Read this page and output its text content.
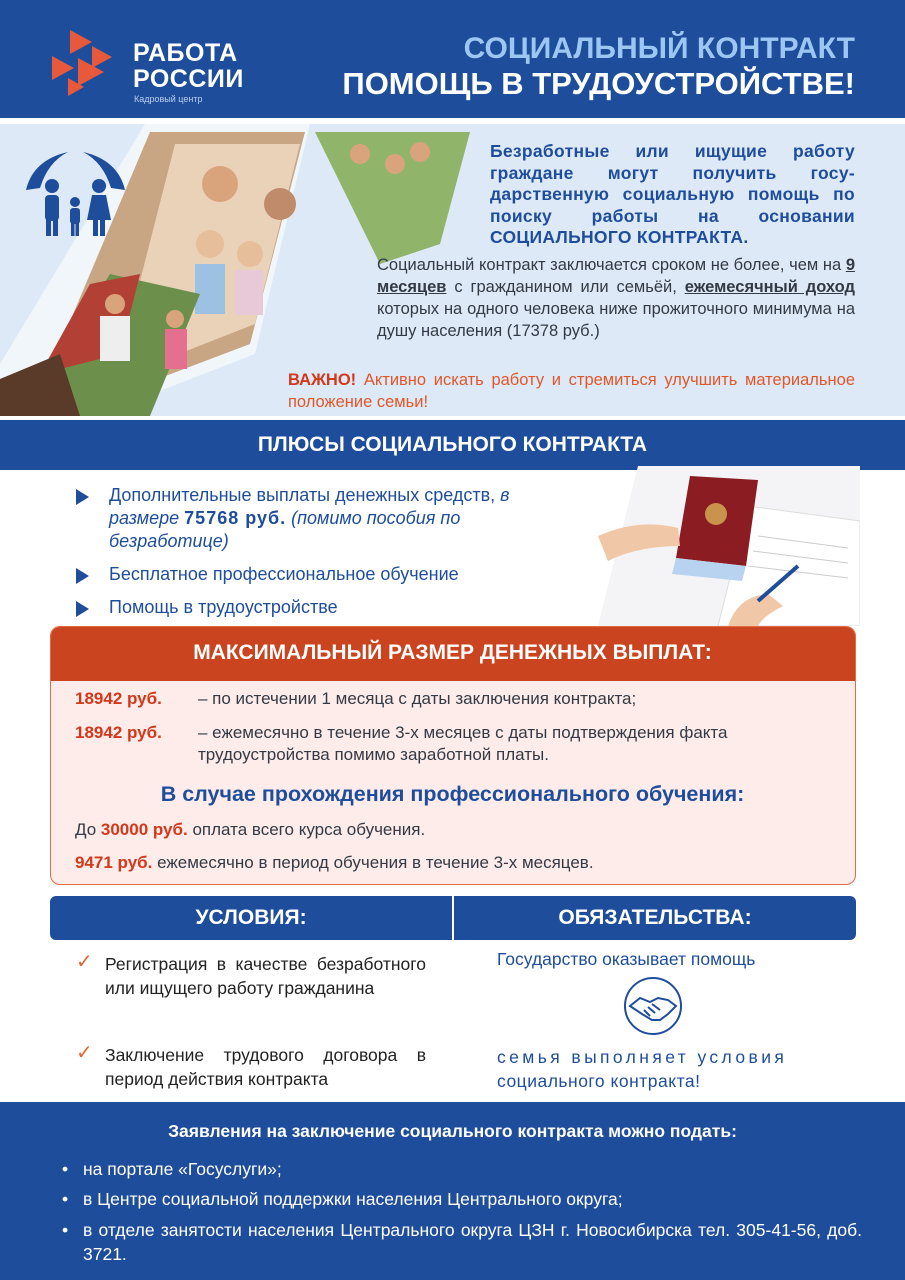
РАБОТА РОССИИ
Кадровый центр
СОЦИАЛЬНЫЙ КОНТРАКТ
ПОМОЩЬ В ТРУДОУСТРОЙСТВЕ!
Безработные или ищущие работу граждане могут получить госу-дарственную социальную помощь по поиску работы на основании СОЦИАЛЬНОГО КОНТРАКТА.
Социальный контракт заключается сроком не более, чем на 9 месяцев с гражданином или семьёй, ежемесячный доход которых на одного человека ниже прожиточного минимума на душу населения (17378 руб.)
ВАЖНО! Активно искать работу и стремиться улучшить материальное положение семьи!
ПЛЮСЫ СОЦИАЛЬНОГО КОНТРАКТА
Дополнительные выплаты денежных средств, в размере 75768 руб. (помимо пособия по безработице)
Бесплатное профессиональное обучение
Помощь в трудоустройстве
МАКСИМАЛЬНЫЙ РАЗМЕР ДЕНЕЖНЫХ ВЫПЛАТ:
18942 руб. – по истечении 1 месяца с даты заключения контракта;
18942 руб. – ежемесячно в течение 3-х месяцев с даты подтверждения факта трудоустройства помимо заработной платы.
В случае прохождения профессионального обучения:
До 30000 руб. оплата всего курса обучения.
9471 руб. ежемесячно в период обучения в течение 3-х месяцев.
УСЛОВИЯ:	ОБЯЗАТЕЛЬСТВА:
✓ Регистрация в качестве безработного или ищущего работу гражданина
✓ Заключение трудового договора в период действия контракта
Государство оказывает помощь
семья выполняет условия
социального контракта!
Заявления на заключение социального контракта можно подать:
• на портале «Госуслуги»;
• в Центре социальной поддержки населения Центрального округа;
• в отделе занятости населения Центрального округа ЦЗН г. Новосибирска тел. 305-41-56, доб. 3721.
